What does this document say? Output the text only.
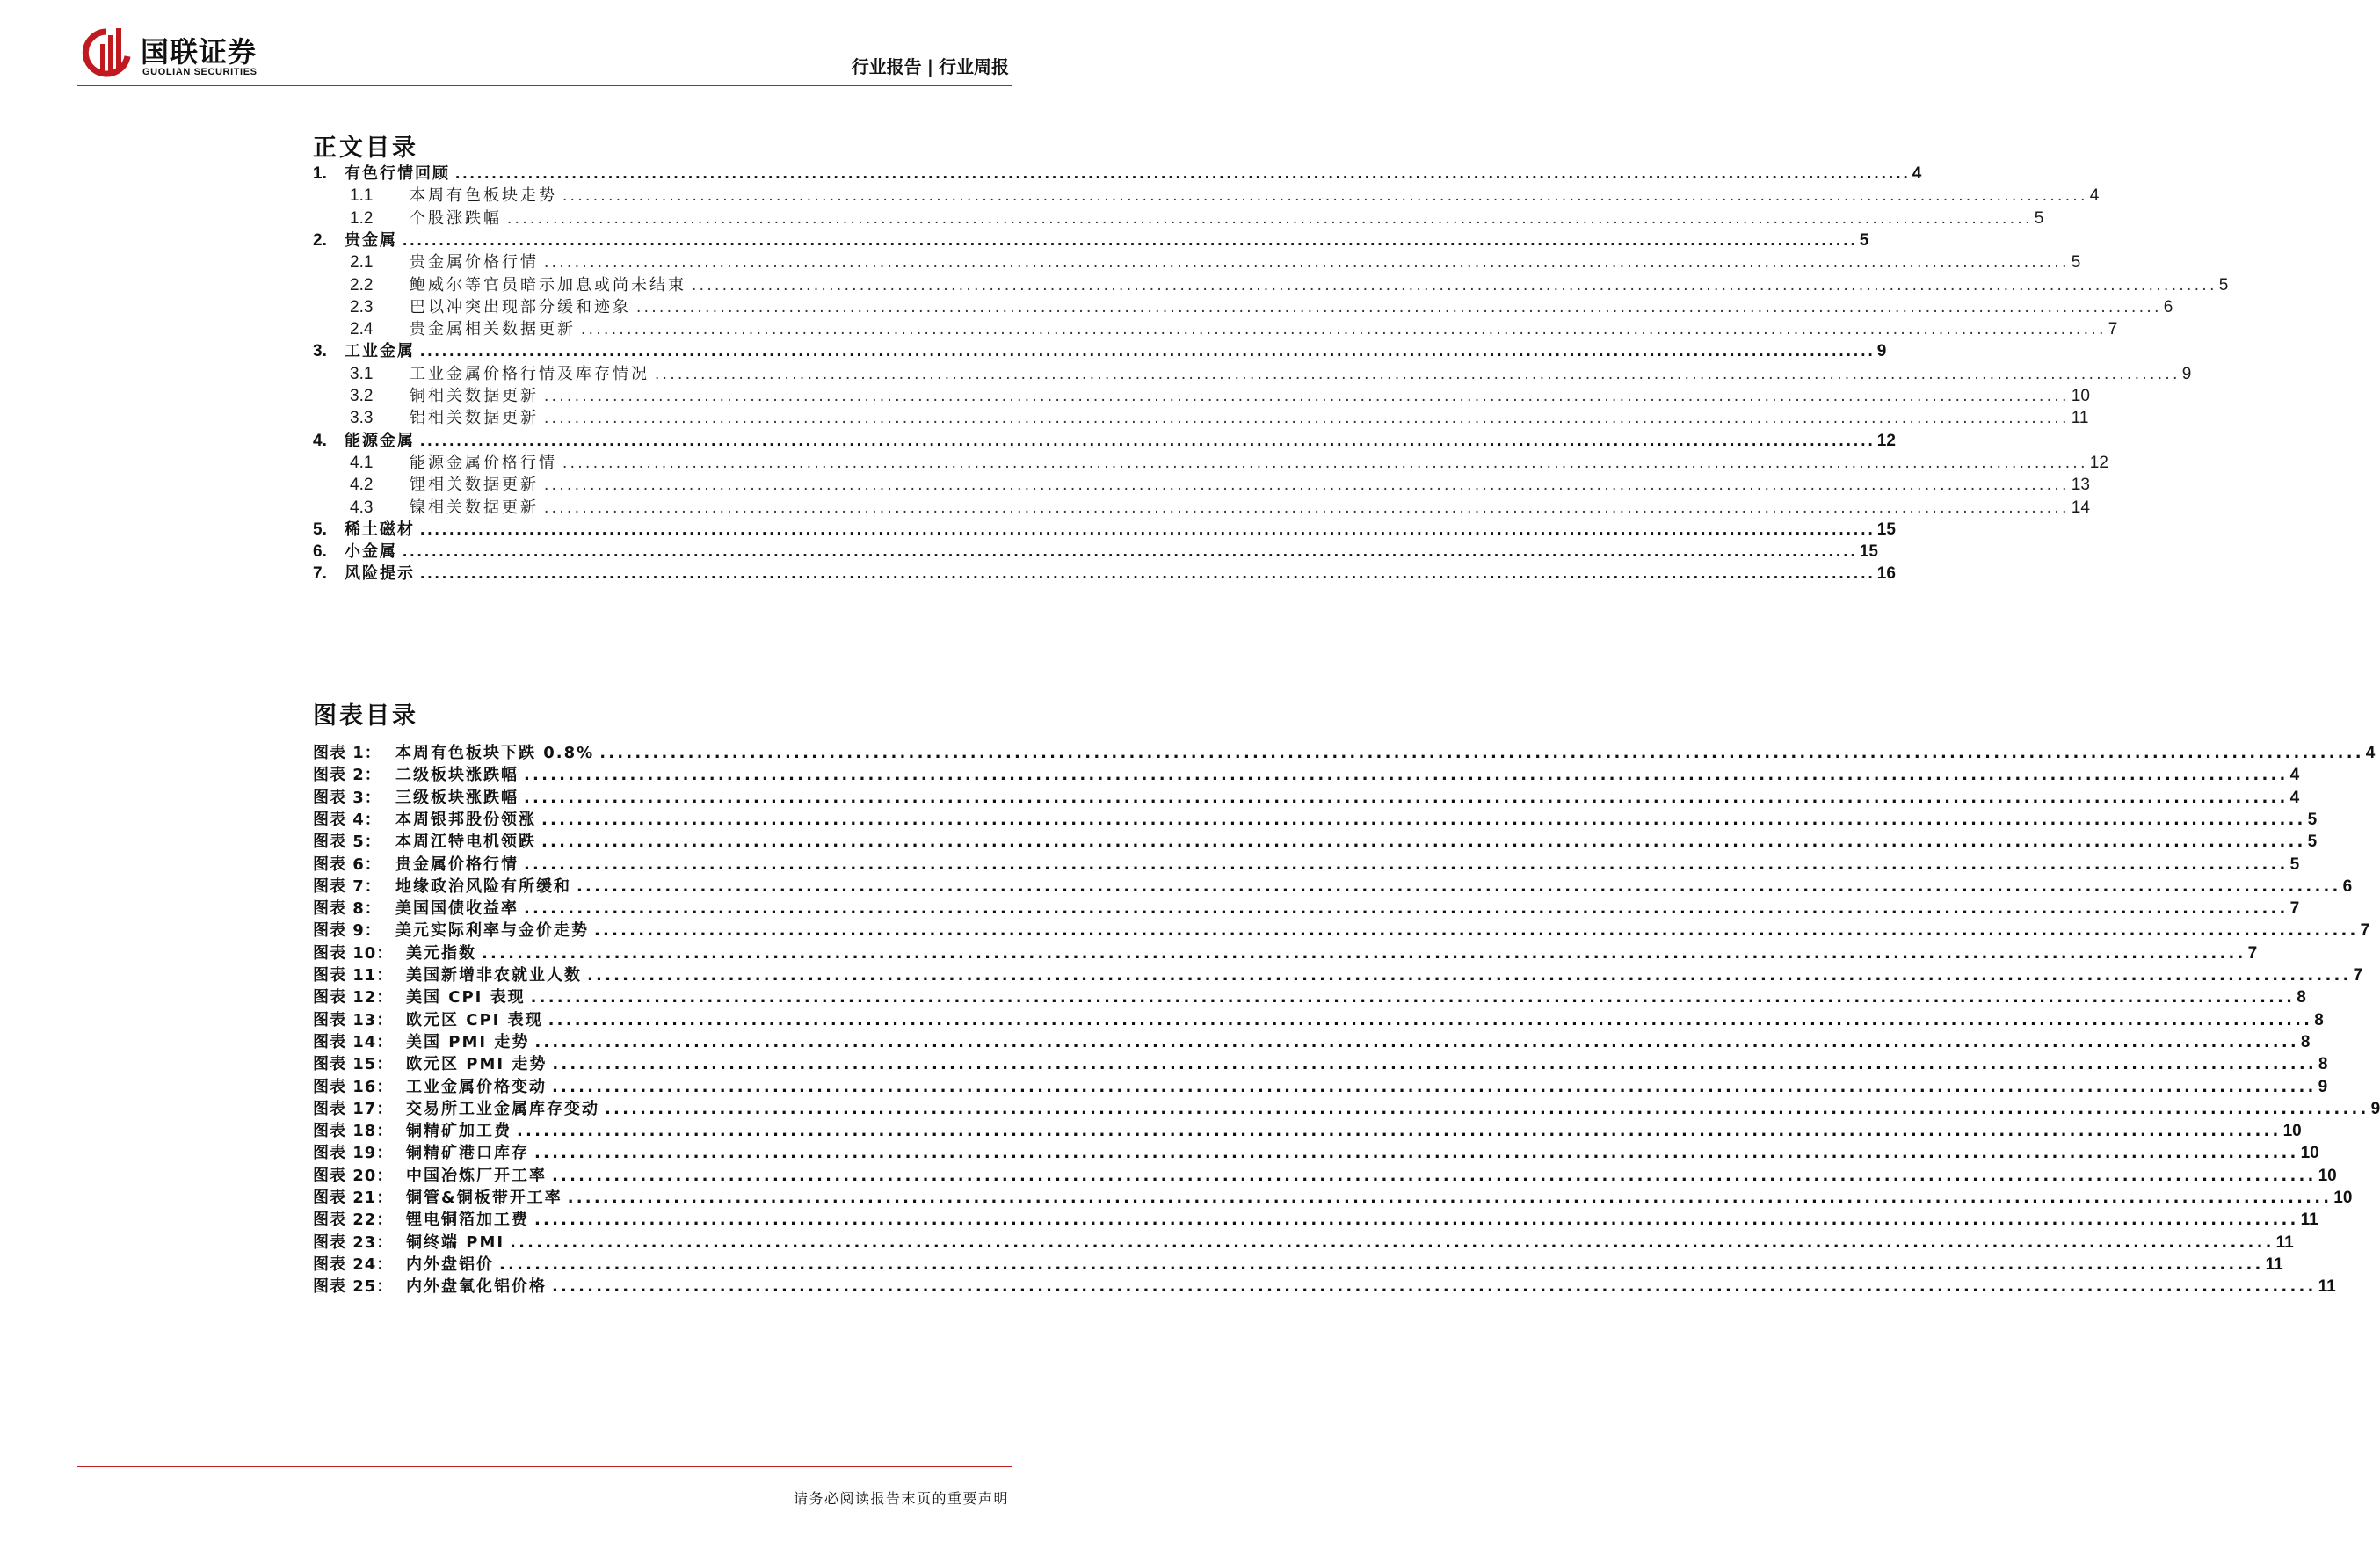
国联证券
GUOLIAN SECURITIES	行业报告 | 行业周报
正文目录
1.	有色行情回顾 ........................................................................................................................................................................................................ 4
1.1	本周有色板块走势 ........................................................................................................................................................................................................ 4
1.2	个股涨跌幅 ........................................................................................................................................................................................................ 5
2.	贵金属 ........................................................................................................................................................................................................ 5
2.1	贵金属价格行情 ........................................................................................................................................................................................................ 5
2.2	鲍威尔等官员暗示加息或尚未结束 ........................................................................................................................................................................................................ 5
2.3	巴以冲突出现部分缓和迹象 ........................................................................................................................................................................................................ 6
2.4	贵金属相关数据更新 ........................................................................................................................................................................................................ 7
3.	工业金属 ........................................................................................................................................................................................................ 9
3.1	工业金属价格行情及库存情况 ........................................................................................................................................................................................................ 9
3.2	铜相关数据更新 ........................................................................................................................................................................................................ 10
3.3	铝相关数据更新 ........................................................................................................................................................................................................ 11
4.	能源金属 ........................................................................................................................................................................................................ 12
4.1	能源金属价格行情 ........................................................................................................................................................................................................ 12
4.2	锂相关数据更新 ........................................................................................................................................................................................................ 13
4.3	镍相关数据更新 ........................................................................................................................................................................................................ 14
5.	稀土磁材 ........................................................................................................................................................................................................ 15
6.	小金属 ........................................................................................................................................................................................................ 15
7.	风险提示 ........................................................................................................................................................................................................ 16
图表目录
图表 1： 本周有色板块下跌 0.8% ........................................................................................................................................................................................................ 4
图表 2： 二级板块涨跌幅 ........................................................................................................................................................................................................ 4
图表 3： 三级板块涨跌幅 ........................................................................................................................................................................................................ 4
图表 4： 本周银邦股份领涨 ........................................................................................................................................................................................................ 5
图表 5： 本周江特电机领跌 ........................................................................................................................................................................................................ 5
图表 6： 贵金属价格行情 ........................................................................................................................................................................................................ 5
图表 7： 地缘政治风险有所缓和 ........................................................................................................................................................................................................ 6
图表 8： 美国国债收益率 ........................................................................................................................................................................................................ 7
图表 9： 美元实际利率与金价走势 ........................................................................................................................................................................................................ 7
图表 10： 美元指数 ........................................................................................................................................................................................................ 7
图表 11： 美国新增非农就业人数 ........................................................................................................................................................................................................ 7
图表 12： 美国 CPI 表现 ........................................................................................................................................................................................................ 8
图表 13： 欧元区 CPI 表现 ........................................................................................................................................................................................................ 8
图表 14： 美国 PMI 走势 ........................................................................................................................................................................................................ 8
图表 15： 欧元区 PMI 走势 ........................................................................................................................................................................................................ 8
图表 16： 工业金属价格变动 ........................................................................................................................................................................................................ 9
图表 17： 交易所工业金属库存变动 ........................................................................................................................................................................................................ 9
图表 18： 铜精矿加工费 ........................................................................................................................................................................................................ 10
图表 19： 铜精矿港口库存 ........................................................................................................................................................................................................ 10
图表 20： 中国冶炼厂开工率 ........................................................................................................................................................................................................ 10
图表 21： 铜管&铜板带开工率 ........................................................................................................................................................................................................ 10
图表 22： 锂电铜箔加工费 ........................................................................................................................................................................................................ 11
图表 23： 铜终端 PMI ........................................................................................................................................................................................................ 11
图表 24： 内外盘铝价 ........................................................................................................................................................................................................ 11
图表 25： 内外盘氧化铝价格 ........................................................................................................................................................................................................ 11
请务必阅读报告末页的重要声明
